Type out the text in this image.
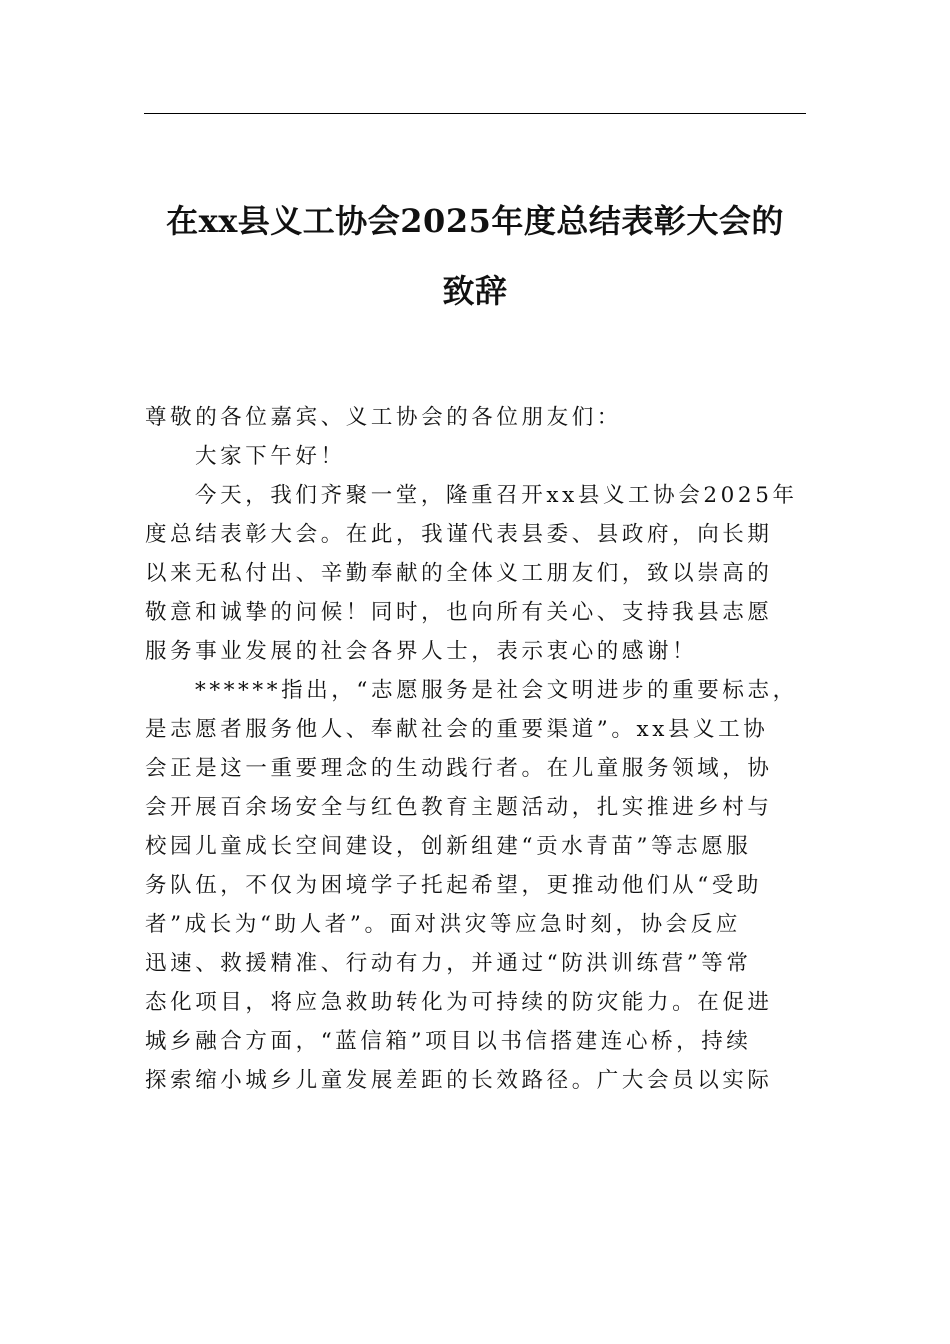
在xx县义工协会2025年度总结表彰大会的
致辞
尊敬的各位嘉宾、义工协会的各位朋友们：
大家下午好！
今天，我们齐聚一堂，隆重召开xx县义工协会2025年
度总结表彰大会。在此，我谨代表县委、县政府，向长期
以来无私付出、辛勤奉献的全体义工朋友们，致以崇高的
敬意和诚挚的问候！同时，也向所有关心、支持我县志愿
服务事业发展的社会各界人士，表示衷心的感谢！
******指出，“志愿服务是社会文明进步的重要标志，
是志愿者服务他人、奉献社会的重要渠道”。xx县义工协
会正是这一重要理念的生动践行者。在儿童服务领域，协
会开展百余场安全与红色教育主题活动，扎实推进乡村与
校园儿童成长空间建设，创新组建“贡水青苗”等志愿服
务队伍，不仅为困境学子托起希望，更推动他们从“受助
者”成长为“助人者”。面对洪灾等应急时刻，协会反应
迅速、救援精准、行动有力，并通过“防洪训练营”等常
态化项目，将应急救助转化为可持续的防灾能力。在促进
城乡融合方面，“蓝信箱”项目以书信搭建连心桥，持续
探索缩小城乡儿童发展差距的长效路径。广大会员以实际
